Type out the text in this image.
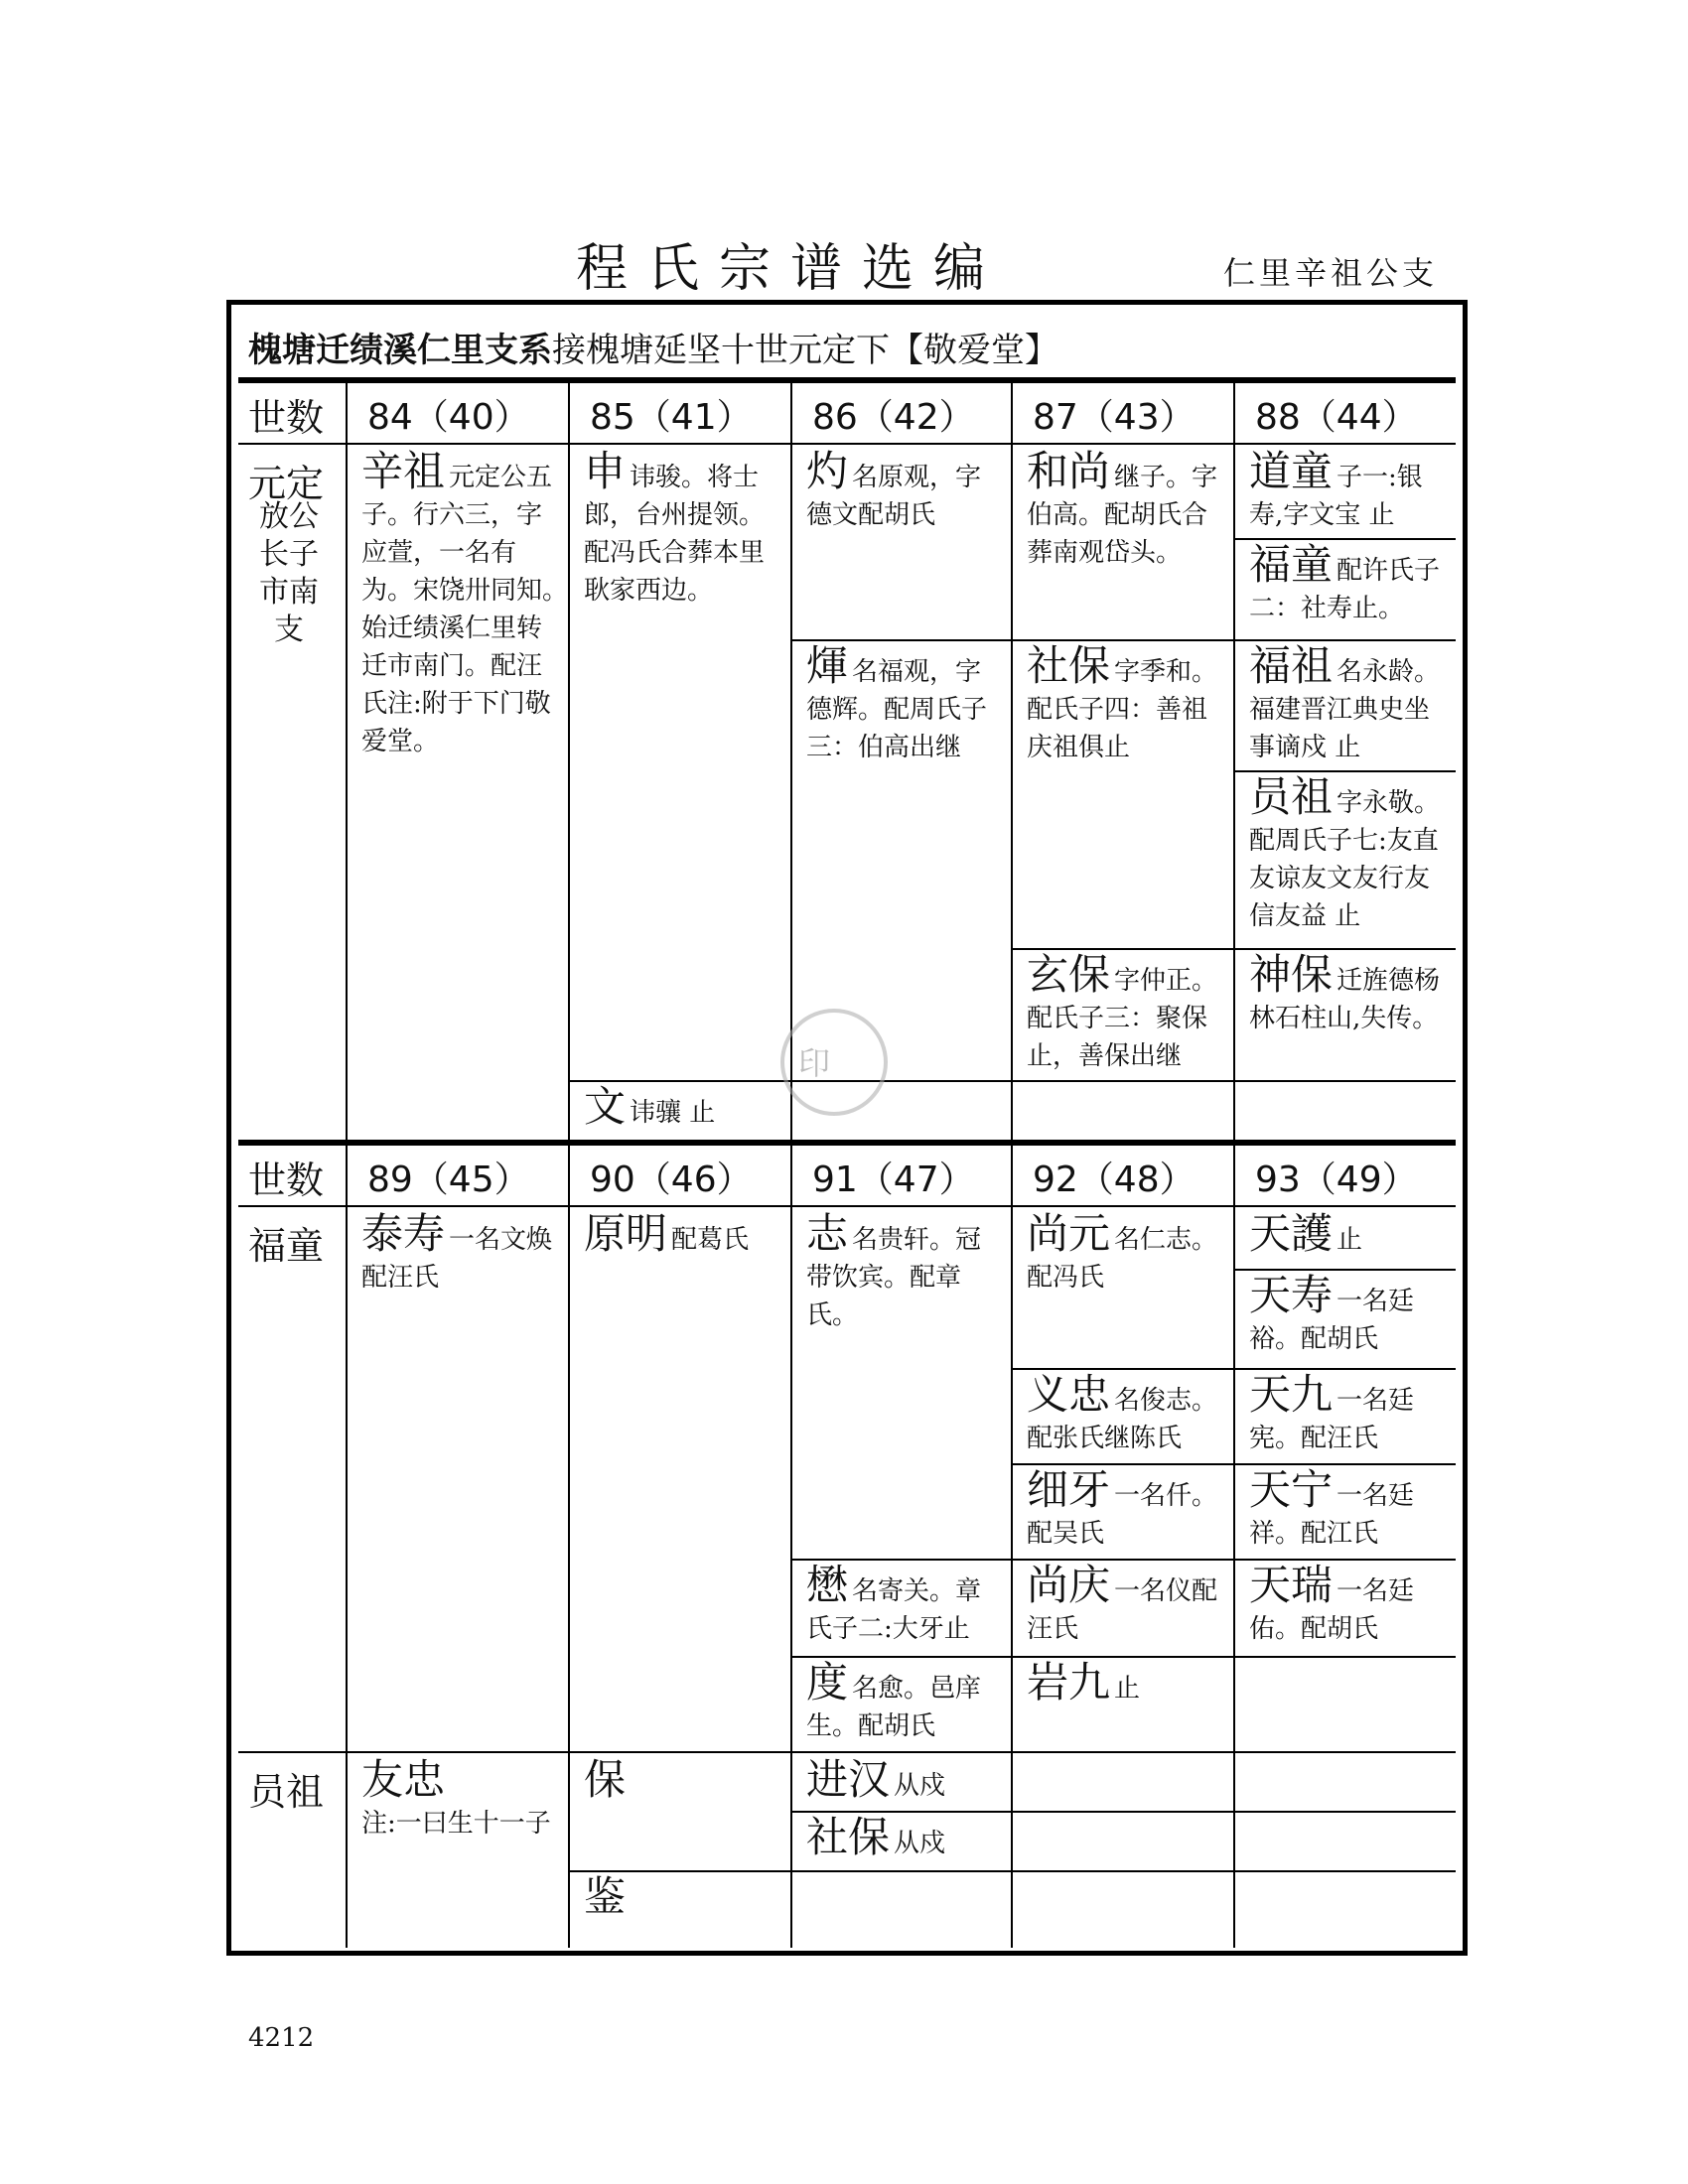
程氏宗谱选编	仁里辛祖公支
槐塘迁绩溪仁里支系接槐塘延坚十世元定下【敬爱堂】
世数 84（40） 85（41） 86（42） 87（43） 88（44）
元定
放公长子市南支
辛祖 元定公五子。行六三，字应萱，一名有为。宋饶卅同知。　始迁绩溪仁里转迁市南门。配汪氏注:附于下门敬爱堂。
申讳骏。将士郎，台州提领。配冯氏合葬本里耿家西边。
文讳骧 止
灼名原观，字德文配胡氏
煇名福观，字德辉。配周氏子三：伯高出继
和尚 继子。字伯高。配胡氏合葬南观岱头。
社保 字季和。配氏子四：善祖庆祖俱止
玄保 字仲正。配氏子三：聚保止，善保出继
道童 子一:银寿,字文宝 止
福童 配许氏子二：社寿止。
福祖 名永龄。福建晋江典史坐事谪戍 止
员祖 字永敬。配周氏子七:友直友谅友文友行友信友益 止
神保 迁旌德杨林石柱山,失传。
世数 89（45） 90（46） 91（47） 92（48） 93（49）
福童
员祖
泰寿 一名文焕配汪氏
原明 配葛氏	志名贵轩。冠带饮宾。配章氏。
懋名寄关。章氏子二:大牙止
度名愈。邑庠生。配胡氏
尚元 名仁志。配冯氏
义忠 名俊志。配张氏继陈氏
细牙 一名仟。配吴氏
尚庆 一名仪配汪氏
岩九 止
天護 止
天寿 一名廷裕。配胡氏
天九 一名廷宪。配汪氏
天宁 一名廷祥。配江氏
天瑞 一名廷佑。配胡氏
友忠
注:一曰生十一子
保
鉴
进汉 从戍
社保 从戍
印
4212
